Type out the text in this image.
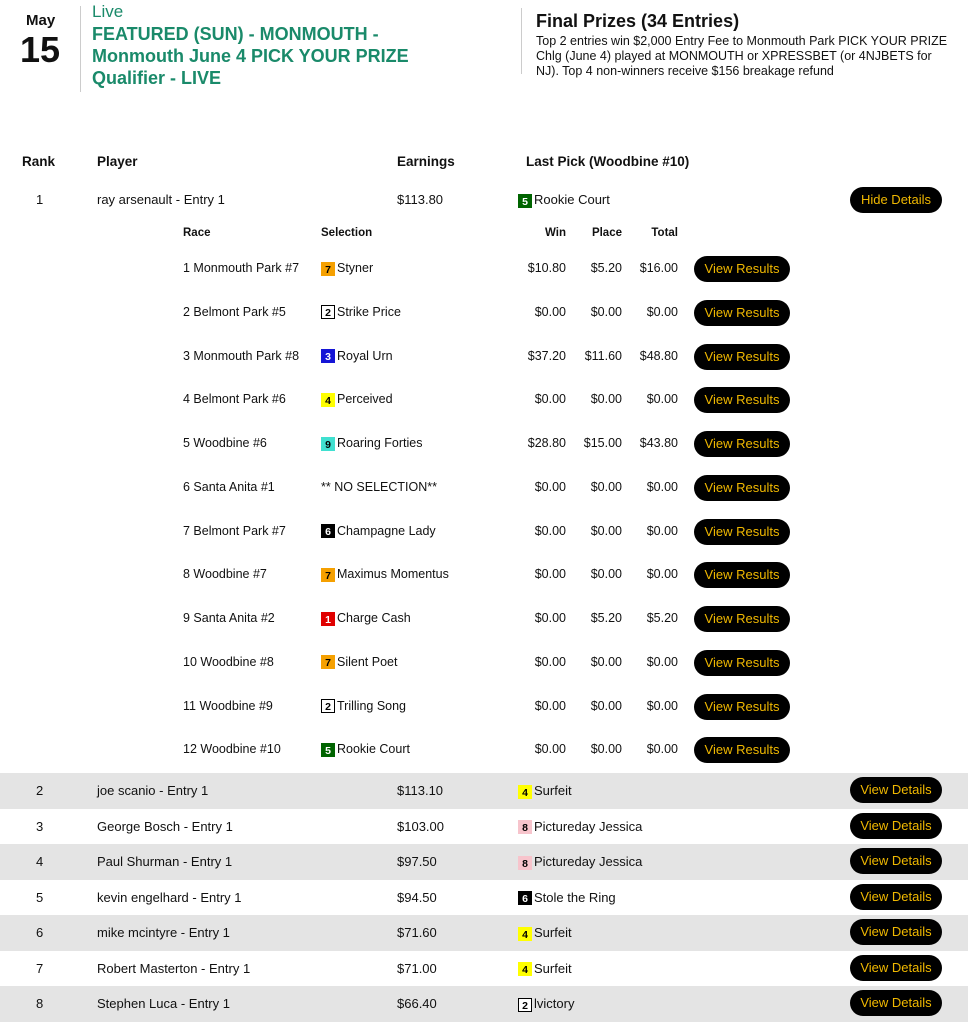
May
15
Live
FEATURED (SUN) - MONMOUTH - Monmouth June 4 PICK YOUR PRIZE Qualifier - LIVE
Final Prizes (34 Entries)
Top 2 entries win $2,000 Entry Fee to Monmouth Park PICK YOUR PRIZE Chlg (June 4) played at MONMOUTH or XPRESSBET (or 4NJBETS for NJ). Top 4 non-winners receive $156 breakage refund
Rank	Player	Earnings	Last Pick (Woodbine #10)
1	ray arsenault - Entry 1	$113.80	5 Rookie Court	Hide Details
Race	Selection	Win	Place	Total
1 Monmouth Park #7	7 Styner	$10.80	$5.20	$16.00	View Results
2 Belmont Park #5	2 Strike Price	$0.00	$0.00	$0.00	View Results
3 Monmouth Park #8	3 Royal Urn	$37.20	$11.60	$48.80	View Results
4 Belmont Park #6	4 Perceived	$0.00	$0.00	$0.00	View Results
5 Woodbine #6	9 Roaring Forties	$28.80	$15.00	$43.80	View Results
6 Santa Anita #1	** NO SELECTION**	$0.00	$0.00	$0.00	View Results
7 Belmont Park #7	6 Champagne Lady	$0.00	$0.00	$0.00	View Results
8 Woodbine #7	7 Maximus Momentus	$0.00	$0.00	$0.00	View Results
9 Santa Anita #2	1 Charge Cash	$0.00	$5.20	$5.20	View Results
10 Woodbine #8	7 Silent Poet	$0.00	$0.00	$0.00	View Results
11 Woodbine #9	2 Trilling Song	$0.00	$0.00	$0.00	View Results
12 Woodbine #10	5 Rookie Court	$0.00	$0.00	$0.00	View Results
2	joe scanio - Entry 1	$113.10	4 Surfeit	View Details
3	George Bosch - Entry 1	$103.00	8 Pictureday Jessica	View Details
4	Paul Shurman - Entry 1	$97.50	8 Pictureday Jessica	View Details
5	kevin engelhard - Entry 1	$94.50	6 Stole the Ring	View Details
6	mike mcintyre - Entry 1	$71.60	4 Surfeit	View Details
7	Robert Masterton - Entry 1	$71.00	4 Surfeit	View Details
8	Stephen Luca - Entry 1	$66.40	2 lvictory	View Details
